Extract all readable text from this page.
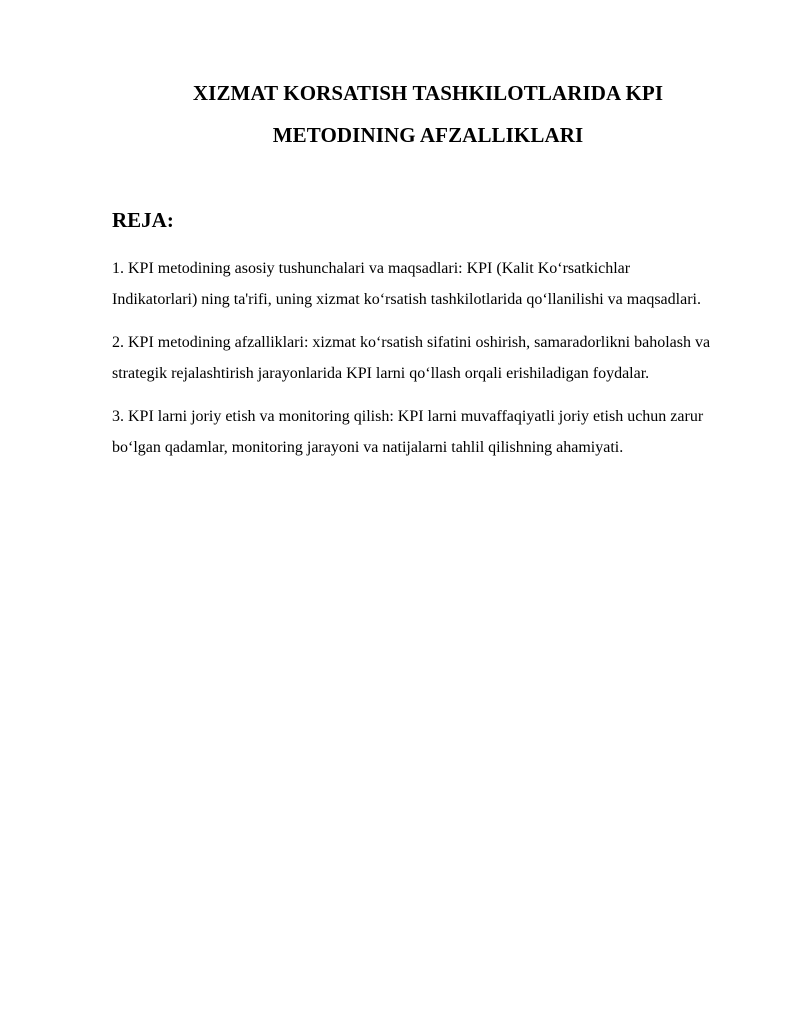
XIZMAT KORSATISH TASHKILOTLARIDA KPI
METODINING AFZALLIKLARI
REJA:
1. KPI metodining asosiy tushunchalari va maqsadlari: KPI (Kalit Koʻrsatkichlar Indikatorlari) ning ta'rifi, uning xizmat koʻrsatish tashkilotlarida qoʻllanilishi va maqsadlari.
2. KPI metodining afzalliklari: xizmat koʻrsatish sifatini oshirish, samaradorlikni baholash va strategik rejalashtirish jarayonlarida KPI larni qoʻllash orqali erishiladigan foydalar.
3. KPI larni joriy etish va monitoring qilish: KPI larni muvaffaqiyatli joriy etish uchun zarur boʻlgan qadamlar, monitoring jarayoni va natijalarni tahlil qilishning ahamiyati.
